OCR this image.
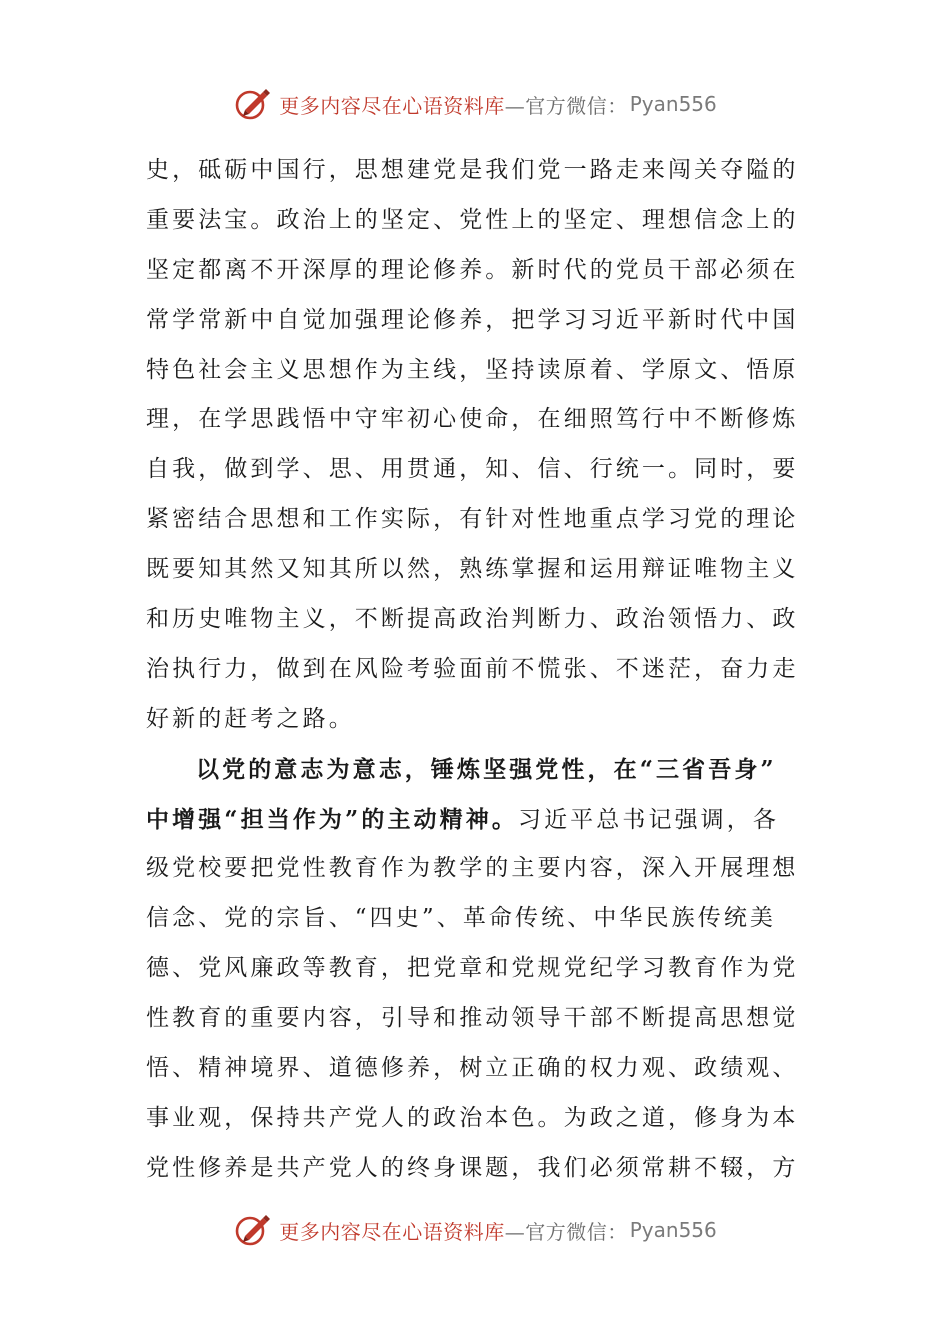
更多内容尽在心语资料库 —官方微信： Pyan556
史，砥砺中国行，思想建党是我们党一路走来闯关夺隘的
重要法宝。政治上的坚定、党性上的坚定、理想信念上的
坚定都离不开深厚的理论修养。新时代的党员干部必须在
常学常新中自觉加强理论修养，把学习习近平新时代中国
特色社会主义思想作为主线，坚持读原着、学原文、悟原
理，在学思践悟中守牢初心使命，在细照笃行中不断修炼
自我，做到学、思、用贯通，知、信、行统一。同时，要
紧密结合思想和工作实际，有针对性地重点学习党的理论
既要知其然又知其所以然，熟练掌握和运用辩证唯物主义
和历史唯物主义，不断提高政治判断力、政治领悟力、政
治执行力，做到在风险考验面前不慌张、不迷茫，奋力走
好新的赶考之路。
以党的意志为意志，锤炼坚强党性，在“三省吾身”
中增强“担当作为”的主动精神。习近平总书记强调，各
级党校要把党性教育作为教学的主要内容，深入开展理想
信念、党的宗旨、“四史”、革命传统、中华民族传统美
德、党风廉政等教育，把党章和党规党纪学习教育作为党
性教育的重要内容，引导和推动领导干部不断提高思想觉
悟、精神境界、道德修养，树立正确的权力观、政绩观、
事业观，保持共产党人的政治本色。为政之道，修身为本
党性修养是共产党人的终身课题，我们必须常耕不辍，方
更多内容尽在心语资料库 —官方微信： Pyan556
